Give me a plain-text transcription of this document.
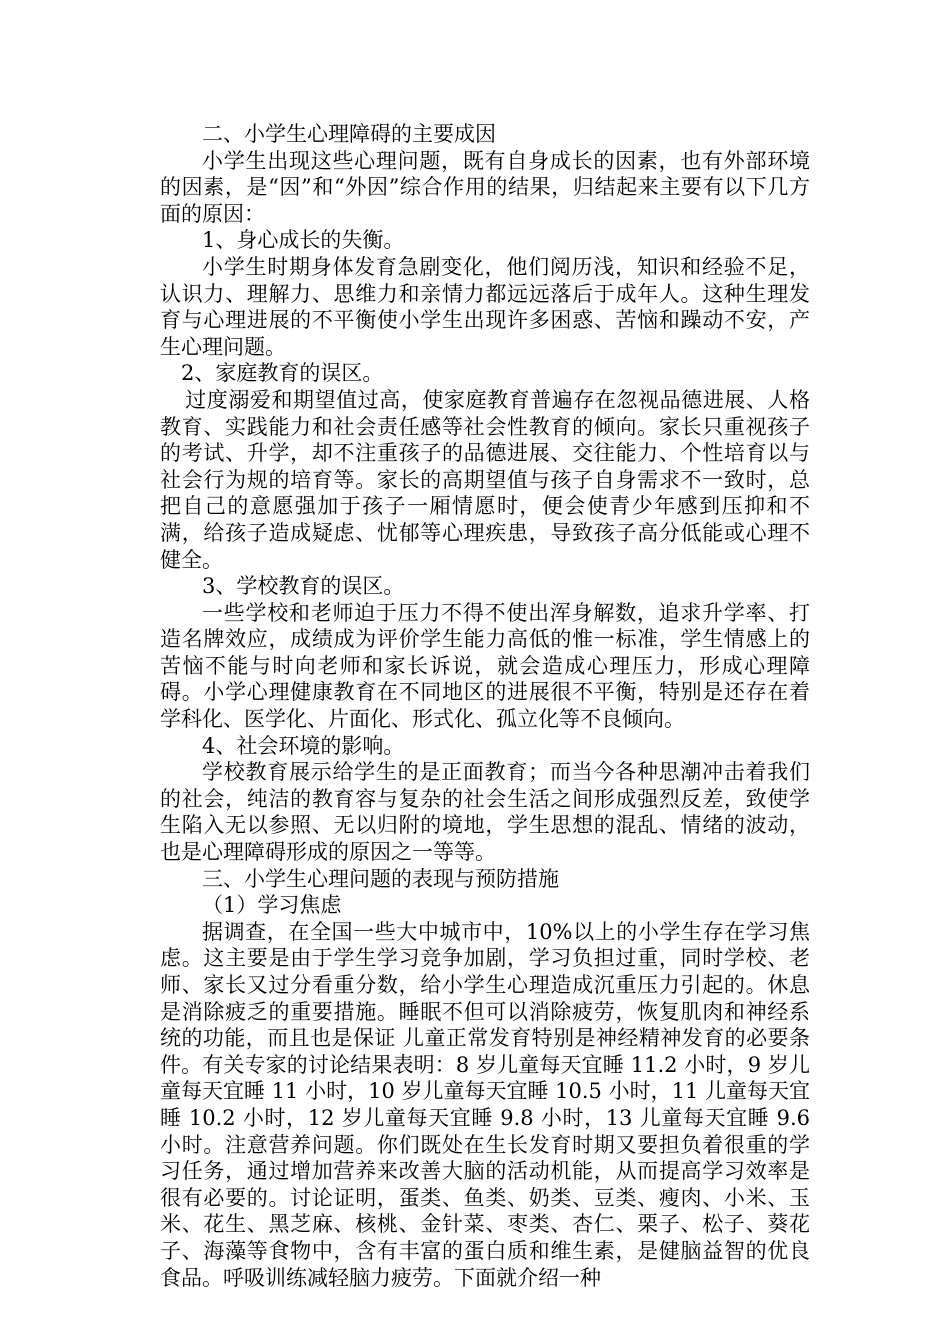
二、小学生心理障碍的主要成因

小学生出现这些心理问题，既有自身成长的因素，也有外部环境的因素，是“因”和“外因”综合作用的结果，归结起来主要有以下几方面的原因：

1、身心成长的失衡。

小学生时期身体发育急剧变化，他们阅历浅，知识和经验不足，认识力、理解力、思维力和亲情力都远远落后于成年人。这种生理发育与心理进展的不平衡使小学生出现许多困惑、苦恼和躁动不安，产生心理问题。

2、家庭教育的误区。

过度溺爱和期望值过高，使家庭教育普遍存在忽视品德进展、人格教育、实践能力和社会责任感等社会性教育的倾向。家长只重视孩子的考试、升学，却不注重孩子的品德进展、交往能力、个性培育以与社会行为规的培育等。家长的高期望值与孩子自身需求不一致时，总把自己的意愿强加于孩子一厢情愿时，便会使青少年感到压抑和不满，给孩子造成疑虑、忧郁等心理疾患，导致孩子高分低能或心理不健全。

3、学校教育的误区。

一些学校和老师迫于压力不得不使出浑身解数，追求升学率、打造名牌效应，成绩成为评价学生能力高低的惟一标准，学生情感上的苦恼不能与时向老师和家长诉说，就会造成心理压力，形成心理障碍。小学心理健康教育在不同地区的进展很不平衡，特别是还存在着学科化、医学化、片面化、形式化、孤立化等不良倾向。

4、社会环境的影响。

学校教育展示给学生的是正面教育；而当今各种思潮冲击着我们的社会，纯洁的教育容与复杂的社会生活之间形成强烈反差，致使学生陷入无以参照、无以归附的境地，学生思想的混乱、情绪的波动，也是心理障碍形成的原因之一等等。

三、小学生心理问题的表现与预防措施

（1）学习焦虑

据调查，在全国一些大中城市中，10%以上的小学生存在学习焦虑。这主要是由于学生学习竞争加剧，学习负担过重，同时学校、老师、家长又过分看重分数，给小学生心理造成沉重压力引起的。休息是消除疲乏的重要措施。睡眠不但可以消除疲劳，恢复肌肉和神经系统的功能，而且也是保证 儿童正常发育特别是神经精神发育的必要条件。有关专家的讨论结果表明：8 岁儿童每天宜睡 11.2 小时，9 岁儿童每天宜睡 11 小时，10 岁儿童每天宜睡 10.5 小时，11 儿童每天宜睡 10.2 小时，12 岁儿童每天宜睡 9.8 小时，13 儿童每天宜睡 9.6 小时。注意营养问题。你们既处在生长发育时期又要担负着很重的学习任务，通过增加营养来改善大脑的活动机能，从而提高学习效率是很有必要的。讨论证明，蛋类、鱼类、奶类、豆类、瘦肉、小米、玉米、花生、黑芝麻、核桃、金针菜、枣类、杏仁、栗子、松子、葵花子、海藻等食物中，含有丰富的蛋白质和维生素，是健脑益智的优良食品。呼吸训练减轻脑力疲劳。下面就介绍一种
